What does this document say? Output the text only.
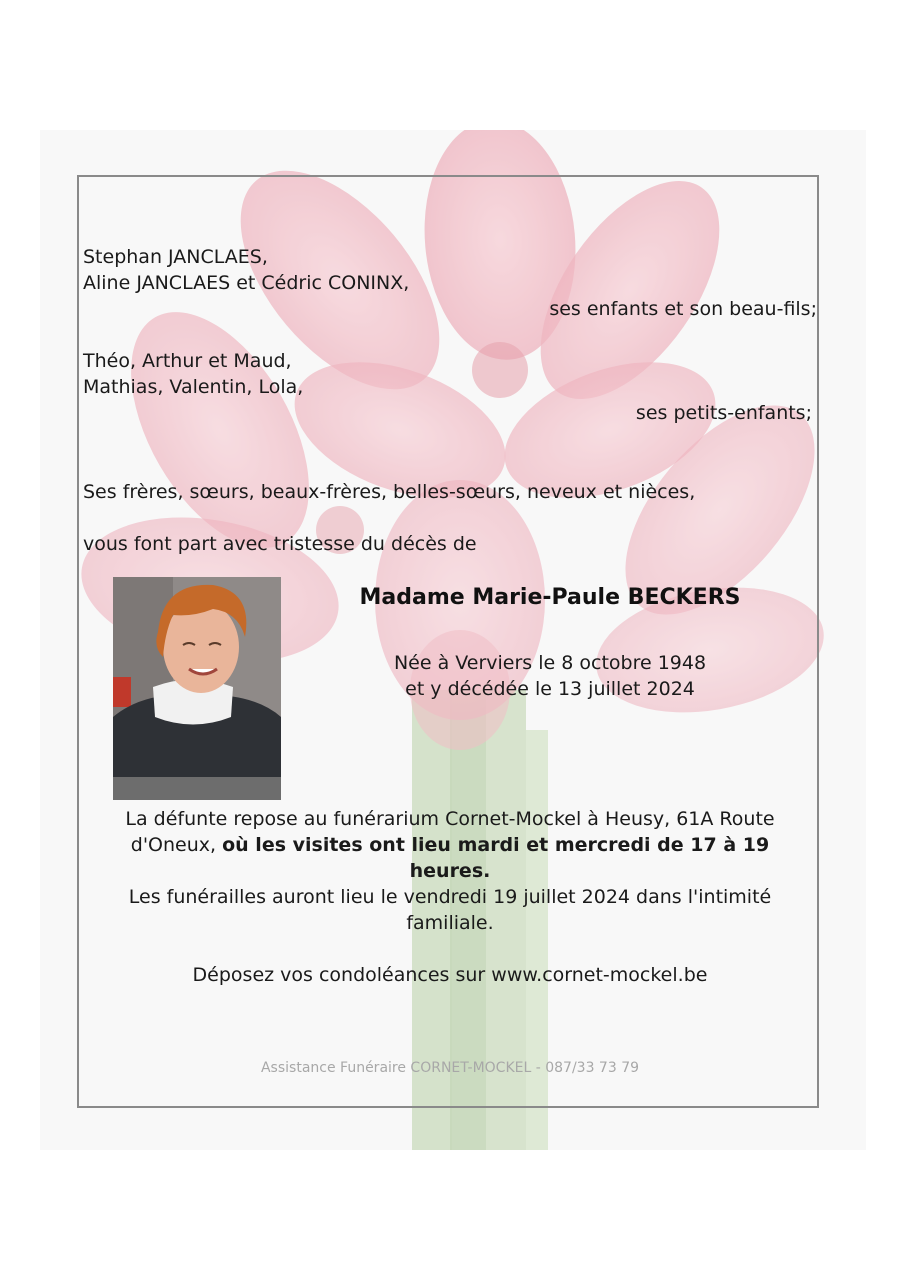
Stephan JANCLAES,
Aline JANCLAES et Cédric CONINX,
ses enfants et son beau-fils;
Théo, Arthur et Maud,
Mathias, Valentin, Lola,
ses petits-enfants;
Ses frères, sœurs, beaux-frères, belles-sœurs, neveux et nièces,
vous font part avec tristesse du décès de
Madame Marie-Paule BECKERS
Née à Verviers le 8 octobre 1948
et y décédée le 13 juillet 2024
La défunte repose au funérarium Cornet-Mockel à Heusy, 61A Route d'Oneux, où les visites ont lieu mardi et mercredi de 17 à 19 heures.
Les funérailles auront lieu le vendredi 19 juillet 2024 dans l'intimité familiale.
Déposez vos condoléances sur www.cornet-mockel.be
Assistance Funéraire CORNET-MOCKEL - 087/33 73 79
